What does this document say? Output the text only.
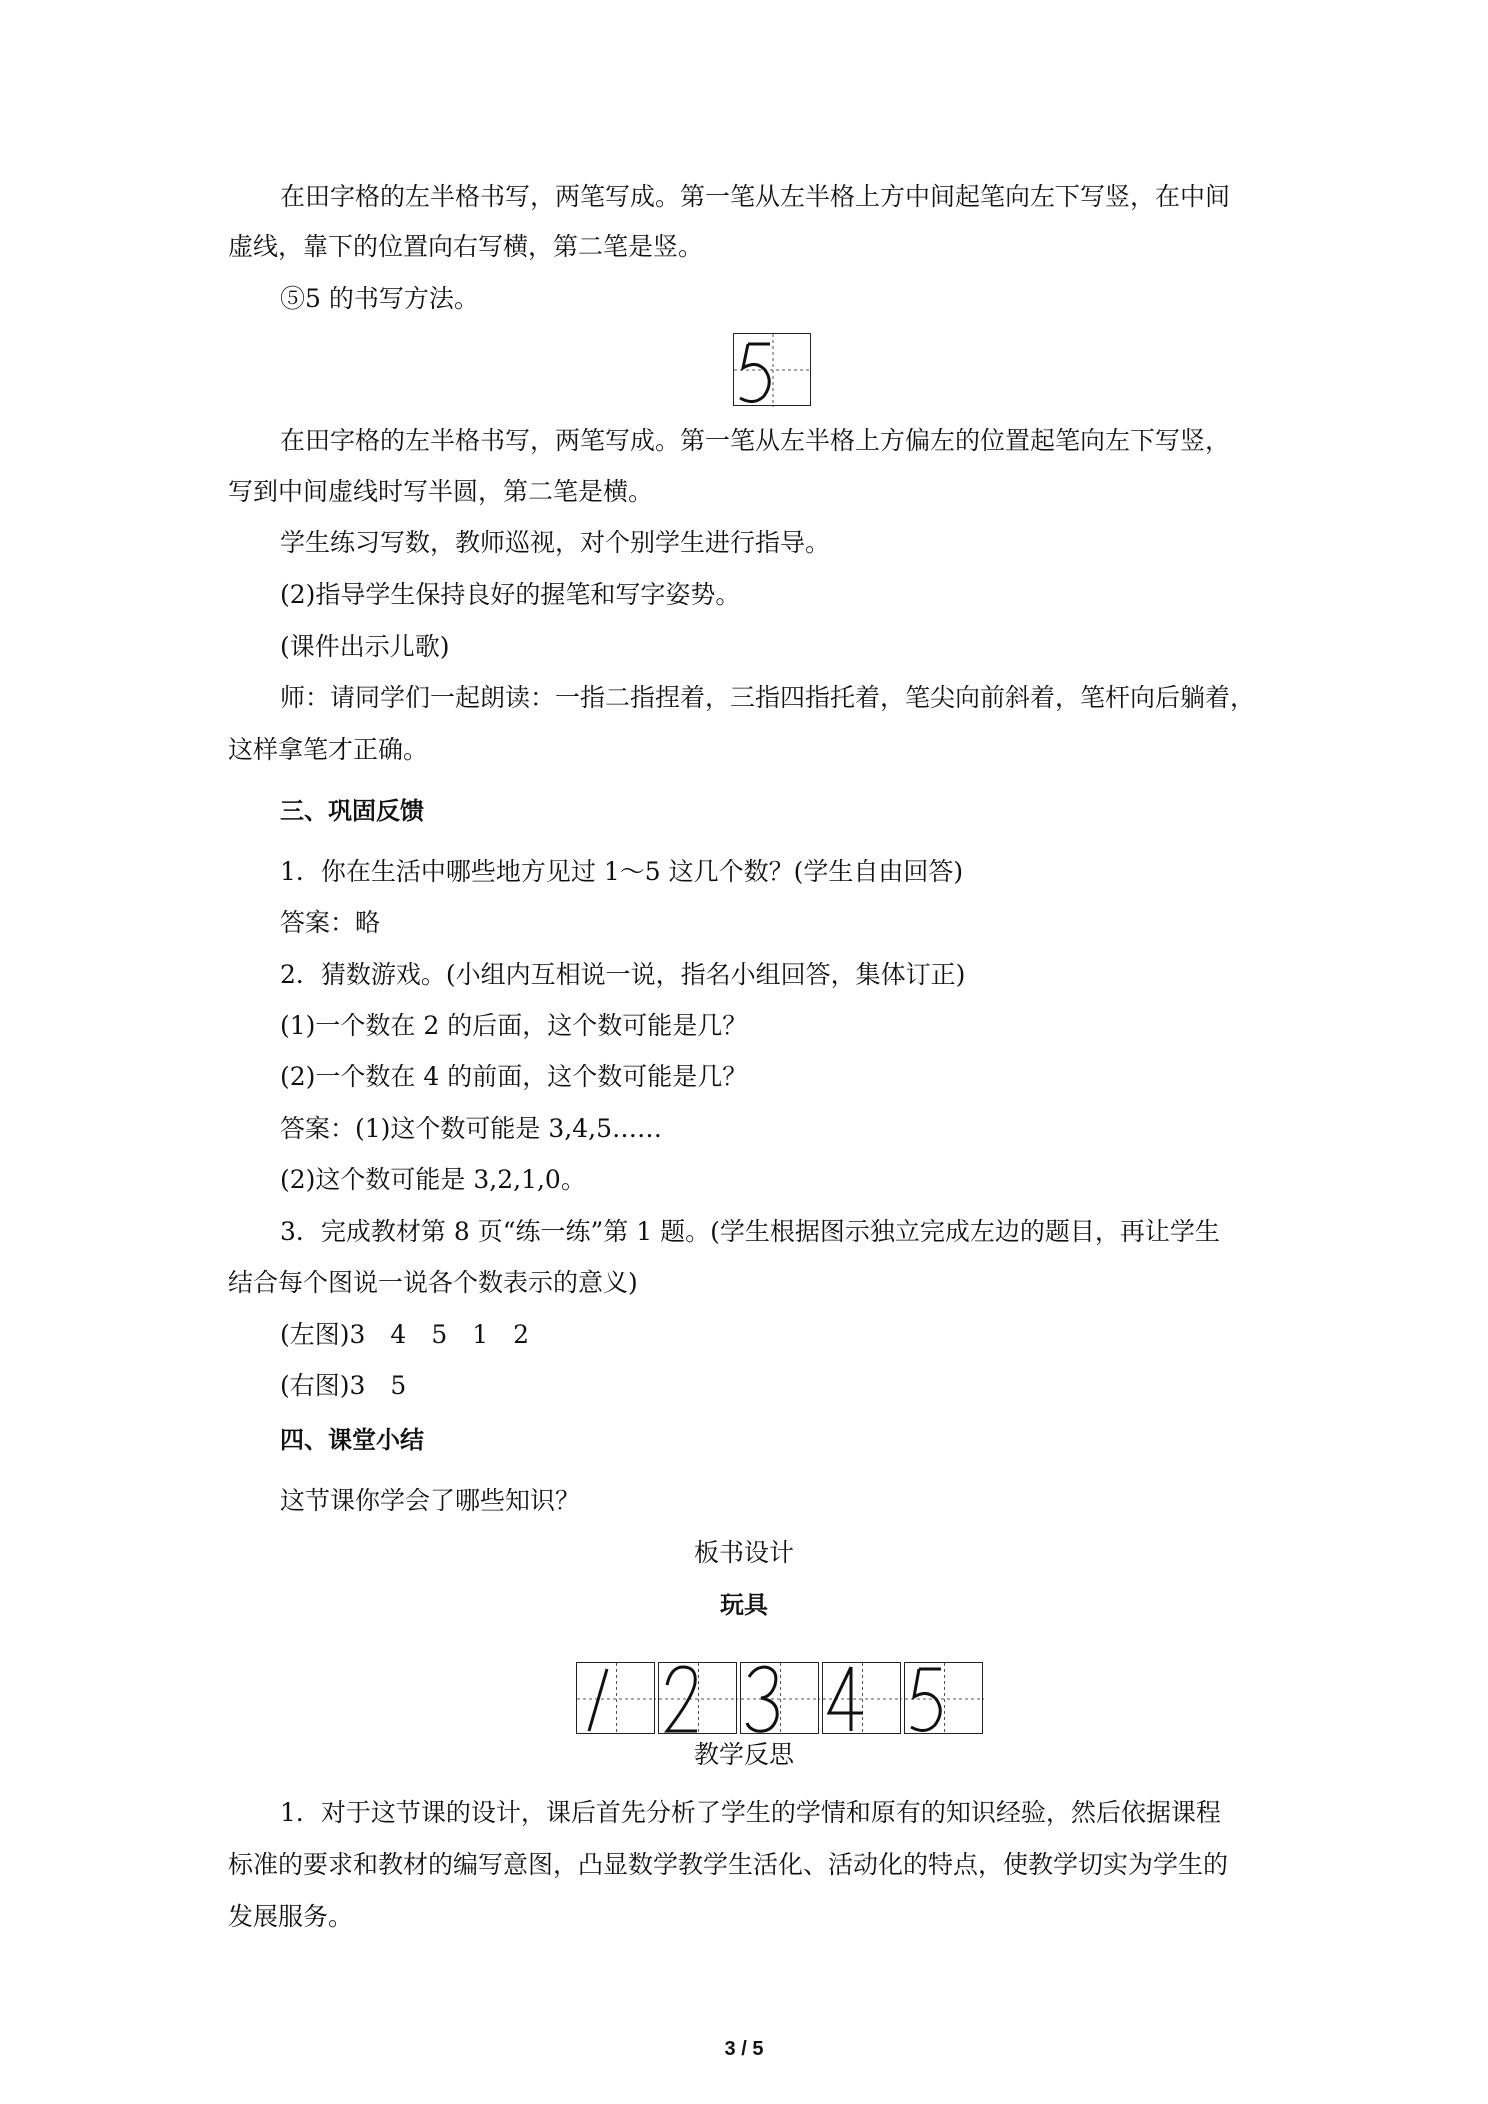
在田字格的左半格书写，两笔写成。第一笔从左半格上方中间起笔向左下写竖，在中间
虚线，靠下的位置向右写横，第二笔是竖。
⑤5 的书写方法。
在田字格的左半格书写，两笔写成。第一笔从左半格上方偏左的位置起笔向左下写竖，
写到中间虚线时写半圆，第二笔是横。
学生练习写数，教师巡视，对个别学生进行指导。
(2)指导学生保持良好的握笔和写字姿势。
(课件出示儿歌)
师：请同学们一起朗读：一指二指捏着，三指四指托着，笔尖向前斜着，笔杆向后躺着，
这样拿笔才正确。
三、巩固反馈
1．你在生活中哪些地方见过 1～5 这几个数？(学生自由回答)
答案：略
2．猜数游戏。(小组内互相说一说，指名小组回答，集体订正)
(1)一个数在 2 的后面，这个数可能是几？
(2)一个数在 4 的前面，这个数可能是几？
答案：(1)这个数可能是 3,4,5……
(2)这个数可能是 3,2,1,0。
3．完成教材第 8 页“练一练”第 1 题。(学生根据图示独立完成左边的题目，再让学生
结合每个图说一说各个数表示的意义)
(左图)3　4　5　1　2
(右图)3　5
四、课堂小结
这节课你学会了哪些知识？
板书设计
玩具
教学反思
1．对于这节课的设计，课后首先分析了学生的学情和原有的知识经验，然后依据课程
标准的要求和教材的编写意图，凸显数学教学生活化、活动化的特点，使教学切实为学生的
发展服务。
3 / 5
